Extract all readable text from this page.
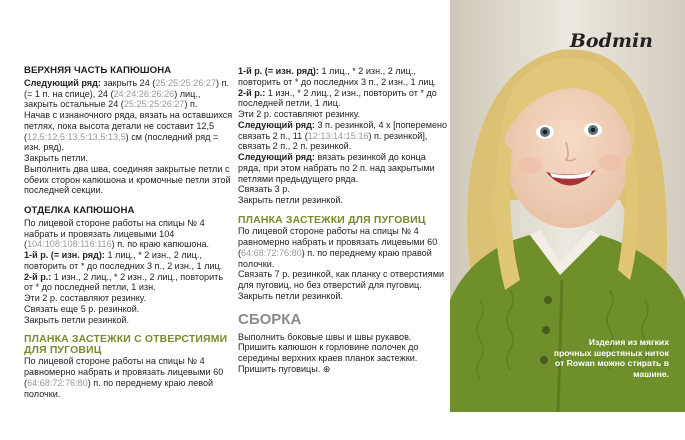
ВЕРХНЯЯ ЧАСТЬ КАПЮШОНА

Следующий ряд: закрыть 24 (25:25:25:26:27) п. (= 1 п. на спице), 24 (24:24:26:26:26) лиц., закрыть остальные 24 (25:25:25:26:27) п.

Начав с изнаночного ряда, вязать на оставшихся петлях, пока высота детали не составит 12,5 (12,5:12,5:13,5:13,5:13,5) см (последний ряд = изн. ряд).

Закрыть петли.

Выполнить два шва, соединяя закрытые петли с обеих сторон капюшона и кромочные петли этой последней секции.

ОТДЕЛКА КАПЮШОНА

По лицевой стороне работы на спицы № 4 набрать и провязать лицевыми 104 (104:108:108:116:116) п. по краю капюшона.

1-й р. (= изн. ряд): 1 лиц., * 2 изн., 2 лиц., повторить от * до последних 3 п., 2 изн., 1 лиц.

2-й р.: 1 изн., 2 лиц., * 2 изн., 2 лиц., повторить от * до последней петли, 1 изн.

Эти 2 р. составляют резинку.

Связать еще 5 р. резинкой.

Закрыть петли резинкой.

ПЛАНКА ЗАСТЕЖКИ С ОТВЕРСТИЯМИ ДЛЯ ПУГОВИЦ

По лицевой стороне работы на спицы № 4 равномерно набрать и провязать лицевыми 60 (64:68:72:76:80) п. по переднему краю левой полочки.

1-й р. (= изн. ряд): 1 лиц., * 2 изн., 2 лиц., повторить от * до последних 3 п., 2 изн., 1 лиц.

2-й р.: 1 изн., * 2 лиц., 2 изн., повторить от * до последней петли, 1 лиц.

Эти 2 р. составляют резинку.

Следующий ряд: 3 п. резинкой, 4 х [поперемено связать 2 п., 11 (12:13:14:15:16) п. резинкой], связать 2 п., 2 п. резинкой.

Следующий ряд: вязать резинкой до конца ряда, при этом набрать по 2 п. над закрытыми петлями предыдущего ряда.

Связать 3 р.

Закрыть петли резинкой.

ПЛАНКА ЗАСТЕЖКИ ДЛЯ ПУГОВИЦ

По лицевой стороне работы на спицы № 4 равномерно набрать и провязать лицевыми 60 (64:68:72:76:80) п. по переднему краю правой полочки.

Связать 7 р. резинкой, как планку с отверстиями для пуговиц, но без отверстий для пуговиц.

Закрыть петли резинкой.

СБОРКА

Выполнить боковые швы и швы рукавов. Пришить капюшон к горловине полочек до середины верхних краев планок застежки. Пришить пуговицы. ⊕

Bodmin
Изделия из мягких прочных шерстяных ниток от Rowan можно стирать в машине.
